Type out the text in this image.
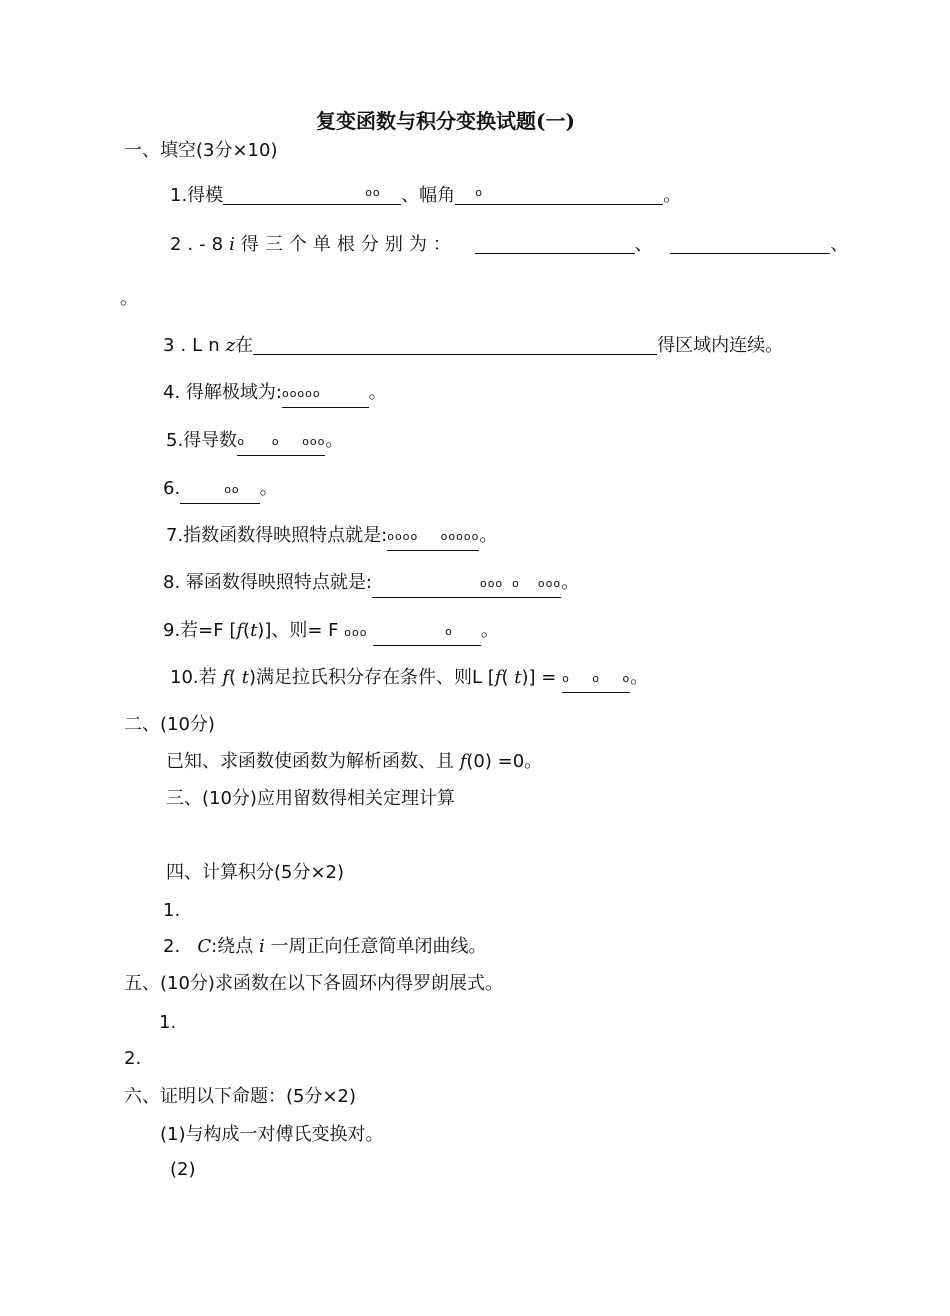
复变函数与积分变换试题(一)
一、填空(3分×10)
1.得模	oo 、幅角 o	。
2.-8i得三个单根分别为：	、	、
。
3.Lnz在	得区域内连续。
4. 得解极域为:ooooo	。
5.得导数o      o     ooo。
6.	oo 。
7.指数函数得映照特点就是:oooo     ooooo。
8. 幂函数得映照特点就是:	ooo  o    ooo。
9.若=F [f(t)]、则= F ooo	o 。
10.若 f( t)满足拉氏积分存在条件、则L [f( t)] = o     o     o。
二、(10分)
已知、求函数使函数为解析函数、且 f(0) =0。
三、(10分)应用留数得相关定理计算
四、计算积分(5分×2)
1.
2. C:绕点 i 一周正向任意简单闭曲线。
五、(10分)求函数在以下各圆环内得罗朗展式。
1.
2.
六、证明以下命题：(5分×2)
(1)与构成一对傅氏变换对。
(2)
